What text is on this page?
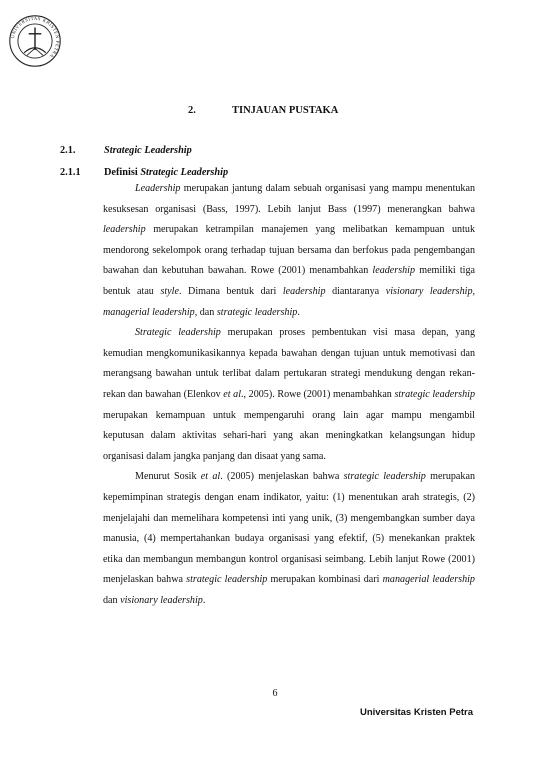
UNIVERSITAS KRISTEN PETRA
2.	TINJAUAN PUSTAKA
2.1.	Strategic Leadership
2.1.1 Definisi Strategic Leadership

Leadership merupakan jantung dalam sebuah organisasi yang mampu menentukan kesuksesan organisasi (Bass, 1997). Lebih lanjut Bass (1997) menerangkan bahwa leadership merupakan ketrampilan manajemen yang melibatkan kemampuan untuk mendorong sekelompok orang terhadap tujuan bersama dan berfokus pada pengembangan bawahan dan kebutuhan bawahan. Rowe (2001) menambahkan leadership memiliki tiga bentuk atau style. Dimana bentuk dari leadership diantaranya visionary leadership, managerial leadership, dan strategic leadership.

Strategic leadership merupakan proses pembentukan visi masa depan, yang kemudian mengkomunikasikannya kepada bawahan dengan tujuan untuk memotivasi dan merangsang bawahan untuk terlibat dalam pertukaran strategi mendukung dengan rekan-rekan dan bawahan (Elenkov et al., 2005). Rowe (2001) menambahkan strategic leadership merupakan kemampuan untuk mempengaruhi orang lain agar mampu mengambil keputusan dalam aktivitas sehari-hari yang akan meningkatkan kelangsungan hidup organisasi dalam jangka panjang dan disaat yang sama.

Menurut Sosik et al. (2005) menjelaskan bahwa strategic leadership merupakan kepemimpinan strategis dengan enam indikator, yaitu: (1) menentukan arah strategis, (2) menjelajahi dan memelihara kompetensi inti yang unik, (3) mengembangkan sumber daya manusia, (4) mempertahankan budaya organisasi yang efektif, (5) menekankan praktek etika dan membangun membangun kontrol organisasi seimbang. Lebih lanjut Rowe (2001) menjelaskan bahwa strategic leadership merupakan kombinasi dari managerial leadership dan visionary leadership.

6
Universitas Kristen Petra
